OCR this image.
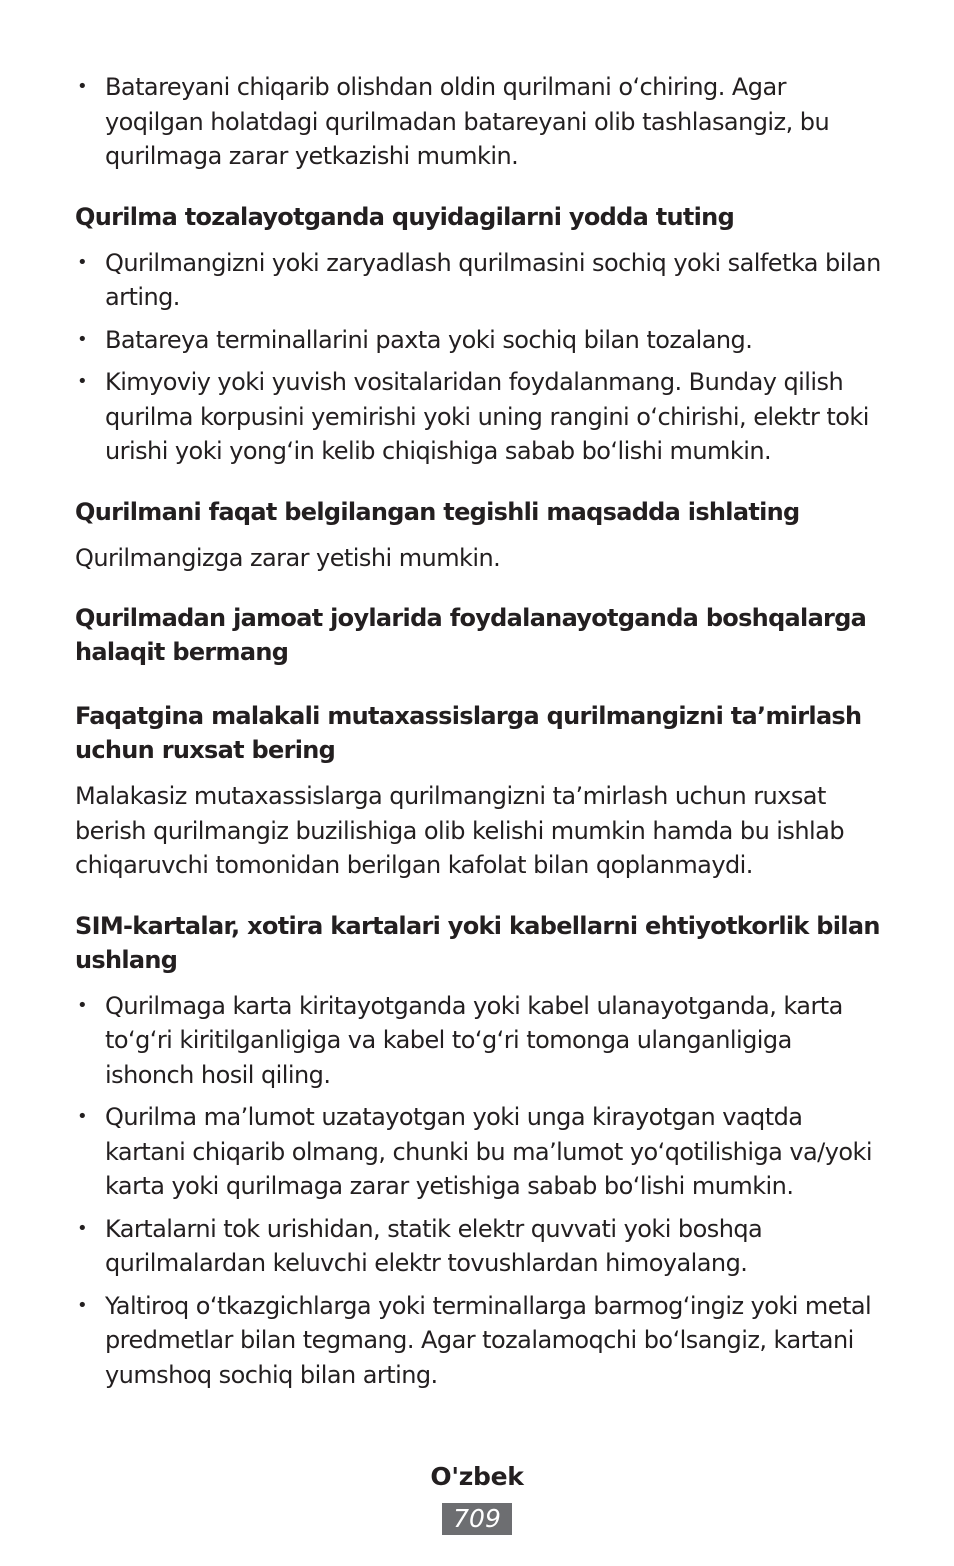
• Batareyani chiqarib olishdan oldin qurilmani o‘chiring. Agar yoqilgan holatdagi qurilmadan batareyani olib tashlasangiz, bu qurilmaga zarar yetkazishi mumkin.
Qurilma tozalayotganda quyidagilarni yodda tuting
• Qurilmangizni yoki zaryadlash qurilmasini sochiq yoki salfetka bilan arting.
• Batareya terminallarini paxta yoki sochiq bilan tozalang.
• Kimyoviy yoki yuvish vositalaridan foydalanmang. Bunday qilish qurilma korpusini yemirishi yoki uning rangini o‘chirishi, elektr toki urishi yoki yong‘in kelib chiqishiga sabab bo‘lishi mumkin.
Qurilmani faqat belgilangan tegishli maqsadda ishlating

Qurilmangizga zarar yetishi mumkin.

Qurilmadan jamoat joylarida foydalanayotganda boshqalarga halaqit bermang
Faqatgina malakali mutaxassislarga qurilmangizni ta’mirlash uchun ruxsat bering

Malakasiz mutaxassislarga qurilmangizni ta’mirlash uchun ruxsat berish qurilmangiz buzilishiga olib kelishi mumkin hamda bu ishlab chiqaruvchi tomonidan berilgan kafolat bilan qoplanmaydi.

SIM-kartalar, xotira kartalari yoki kabellarni ehtiyotkorlik bilan ushlang
• Qurilmaga karta kiritayotganda yoki kabel ulanayotganda, karta to‘g‘ri kiritilganligiga va kabel to‘g‘ri tomonga ulanganligiga ishonch hosil qiling.
• Qurilma ma’lumot uzatayotgan yoki unga kirayotgan vaqtda kartani chiqarib olmang, chunki bu ma’lumot yo‘qotilishiga va/yoki karta yoki qurilmaga zarar yetishiga sabab bo‘lishi mumkin.
• Kartalarni tok urishidan, statik elektr quvvati yoki boshqa qurilmalardan keluvchi elektr tovushlardan himoyalang.
• Yaltiroq o‘tkazgichlarga yoki terminallarga barmog‘ingiz yoki metal predmetlar bilan tegmang. Agar tozalamoqchi bo‘lsangiz, kartani yumshoq sochiq bilan arting.
O'zbek
709
